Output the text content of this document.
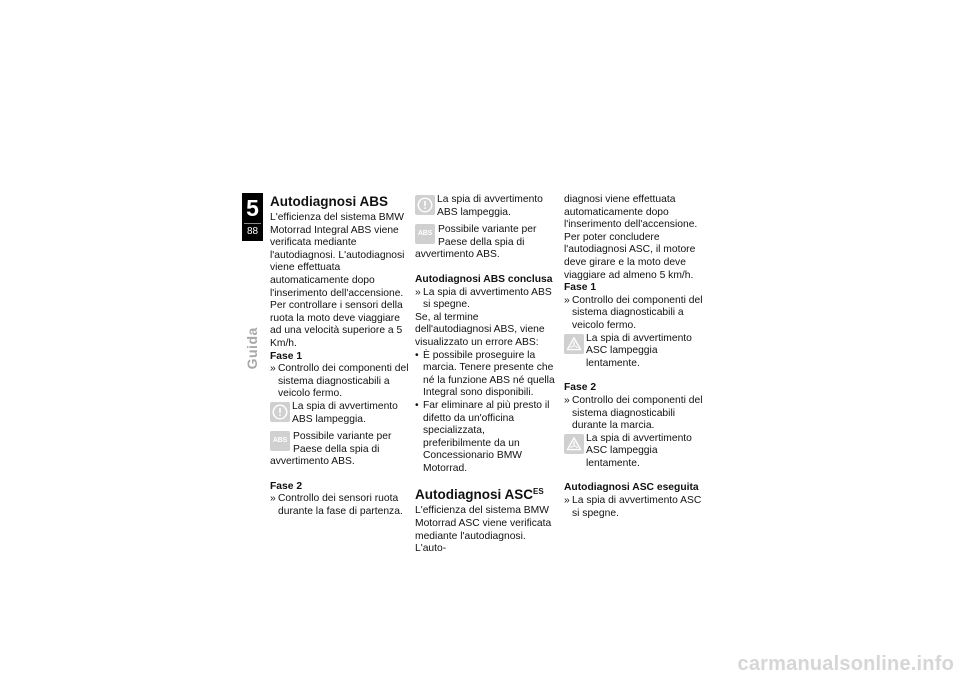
5
88
Guida
Autodiagnosi ABS

L'efficienza del sistema BMW Motorrad Integral ABS viene verificata mediante l'autodiagnosi. L'autodiagnosi viene effettuata automaticamente dopo l'inserimento dell'accensione. Per controllare i sensori della ruota la moto deve viaggiare ad una velocità superiore a 5 Km/h.

Fase 1
» Controllo dei componenti del sistema diagnosticabili a veicolo fermo.
La spia di avvertimento ABS lampeggia.
ABS Possibile variante per Paese della spia di avvertimento ABS.
Fase 2
» Controllo dei sensori ruota durante la fase di partenza.
La spia di avvertimento ABS lampeggia.
ABS Possibile variante per Paese della spia di avvertimento ABS.
Autodiagnosi ABS conclusa
» La spia di avvertimento ABS si spegne.

Se, al termine dell'autodiagnosi ABS, viene visualizzato un errore ABS:

• È possibile proseguire la marcia. Tenere presente che né la funzione ABS né quella Integral sono disponibili.
• Far eliminare al più presto il difetto da un'officina specializzata, preferibilmente da un Concessionario BMW Motorrad.
Autodiagnosi $ASC^{ES}$

L'efficienza del sistema BMW Motorrad ASC viene verificata mediante l'autodiagnosi. L'auto-

diagnosi viene effettuata automaticamente dopo l'inserimento dell'accensione. Per poter concludere l'autodiagnosi ASC, il motore deve girare e la moto deve viaggiare ad almeno 5 km/h.

Fase 1
» Controllo dei componenti del sistema diagnosticabili a veicolo fermo.
La spia di avvertimento ASC lampeggia lentamente.
Fase 2
» Controllo dei componenti del sistema diagnosticabili durante la marcia.
La spia di avvertimento ASC lampeggia lentamente.
Autodiagnosi ASC eseguita
» La spia di avvertimento ASC si spegne.
carmanualsonline.info
